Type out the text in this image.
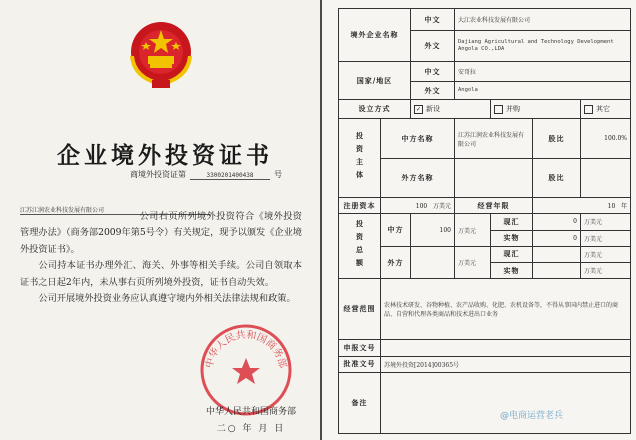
企业境外投资证书
商境外投资证第	3300201400438	号
江苏江润农业科技发展有限公司

公司右页所列境外投资符合《境外投资管理办法》（商务部2009年第5号令）有关规定，现予以颁发《企业境外投资证书》。

公司持本证书办理外汇、海关、外事等相关手续。公司自领取本证书之日起2年内，未从事右页所列境外投资，证书自动失效。

公司开展境外投资业务应认真遵守境内外相关法律法规和政策。

中华人民共和国商务部
中华人民共和国商务部
二○ 年 月 日
境外企业名称		中文	大江农业科技发展有限公司			
		外文	Dajiang Agricultural and Technology Development Angola CO.,LDA			
国家/地区		中文	安哥拉			
		外文	Angola			
设立方式		✓ 新设		并购		其它

投资主体	中方名称		江苏江润农业科技发展有限公司		股比	100.0%
	外方名称				股比	
注册资本	100 万美元		经营年限		10 年	

投资总额	中方	100	万美元	现汇	0	万美元
				实物	0	万美元
	外方		万美元	现汇		万美元
				实物		万美元
经营范围	农林技术研发、谷物种植、农产品收购、化肥、农机设备等，不得从事国内禁止进口的商品、自营和代理各类商品和技术进出口业务					
申报文号						
批准文号	苏境外投资[2014]00365号					
备注						
@电商运营老兵
